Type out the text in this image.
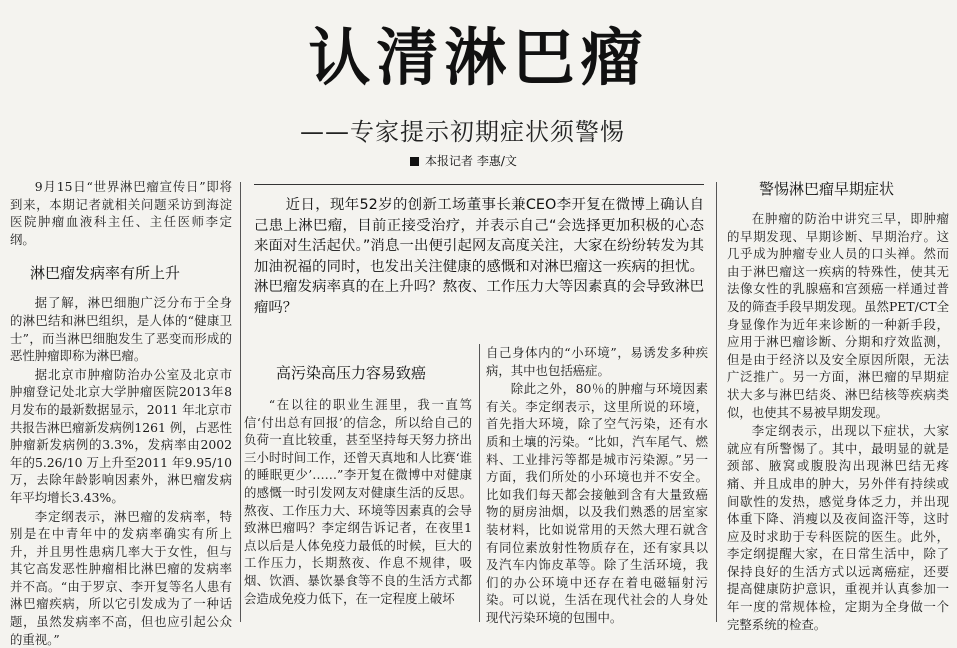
认清淋巴瘤
——专家提示初期症状须警惕
本报记者 李惠/文

9月15日“世界淋巴瘤宣传日”即将到来，本期记者就相关问题采访到海淀医院肿瘤血液科主任、主任医师李定纲。

淋巴瘤发病率有所上升

据了解，淋巴细胞广泛分布于全身的淋巴结和淋巴组织，是人体的“健康卫士”，而当淋巴细胞发生了恶变而形成的恶性肿瘤即称为淋巴瘤。

据北京市肿瘤防治办公室及北京市肿瘤登记处北京大学肿瘤医院2013年8月发布的最新数据显示，2011 年北京市共报告淋巴瘤新发病例1261 例，占恶性肿瘤新发病例的3.3%，发病率由2002 年的5.26/10 万上升至2011 年9.95/10万，去除年龄影响因素外，淋巴瘤发病年平均增长3.43%。

李定纲表示，淋巴瘤的发病率，特别是在中青年中的发病率确实有所上升，并且男性患病几率大于女性，但与其它高发恶性肿瘤相比淋巴瘤的发病率并不高。“由于罗京、李开复等名人患有淋巴瘤疾病，所以它引发成为了一种话题，虽然发病率不高，但也应引起公众的重视。”

近日，现年52岁的创新工场董事长兼CEO李开复在微博上确认自己患上淋巴瘤，目前正接受治疗，并表示自己“会选择更加积极的心态来面对生活起伏。”消息一出便引起网友高度关注，大家在纷纷转发为其加油祝福的同时，也发出关注健康的感慨和对淋巴瘤这一疾病的担忧。淋巴瘤发病率真的在上升吗？熬夜、工作压力大等因素真的会导致淋巴瘤吗？

高污染高压力容易致癌

“在以往的职业生涯里，我一直笃信‘付出总有回报’的信念，所以给自己的负荷一直比较重，甚至坚持每天努力挤出三小时时间工作，还曾天真地和人比赛‘谁的睡眠更少’……”李开复在微博中对健康的感慨一时引发网友对健康生活的反思。熬夜、工作压力大、环境等因素真的会导致淋巴瘤吗？李定纲告诉记者，在夜里1点以后是人体免疫力最低的时候，巨大的工作压力，长期熬夜、作息不规律，吸烟、饮酒、暴饮暴食等不良的生活方式都会造成免疫力低下，在一定程度上破坏

自己身体内的“小环境”，易诱发多种疾病，其中也包括癌症。

除此之外，80％的肿瘤与环境因素有关。李定纲表示，这里所说的环境，首先指大环境，除了空气污染，还有水质和土壤的污染。“比如，汽车尾气、燃料、工业排污等都是城市污染源。”另一方面，我们所处的小环境也并不安全。比如我们每天都会接触到含有大量致癌物的厨房油烟，以及我们熟悉的居室家装材料，比如说常用的天然大理石就含有同位素放射性物质存在，还有家具以及汽车内饰皮革等。除了生活环境，我们的办公环境中还存在着电磁辐射污染。可以说，生活在现代社会的人身处现代污染环境的包围中。

警惕淋巴瘤早期症状

在肿瘤的防治中讲究三早，即肿瘤的早期发现、早期诊断、早期治疗。这几乎成为肿瘤专业人员的口头禅。然而由于淋巴瘤这一疾病的特殊性，使其无法像女性的乳腺癌和宫颈癌一样通过普及的筛查手段早期发现。虽然PET/CT全身显像作为近年来诊断的一种新手段，应用于淋巴瘤诊断、分期和疗效监测，但是由于经济以及安全原因所限，无法广泛推广。另一方面，淋巴瘤的早期症状大多与淋巴结炎、淋巴结核等疾病类似，也使其不易被早期发现。

李定纲表示，出现以下症状，大家就应有所警惕了。其中，最明显的就是颈部、腋窝或腹股沟出现淋巴结无疼痛、并且成串的肿大，另外伴有持续或间歇性的发热，感觉身体乏力，并出现体重下降、消瘦以及夜间盗汗等，这时应及时求助于专科医院的医生。此外，李定纲提醒大家，在日常生活中，除了保持良好的生活方式以远离癌症，还要提高健康防护意识，重视并认真参加一年一度的常规体检，定期为全身做一个完整系统的检查。
